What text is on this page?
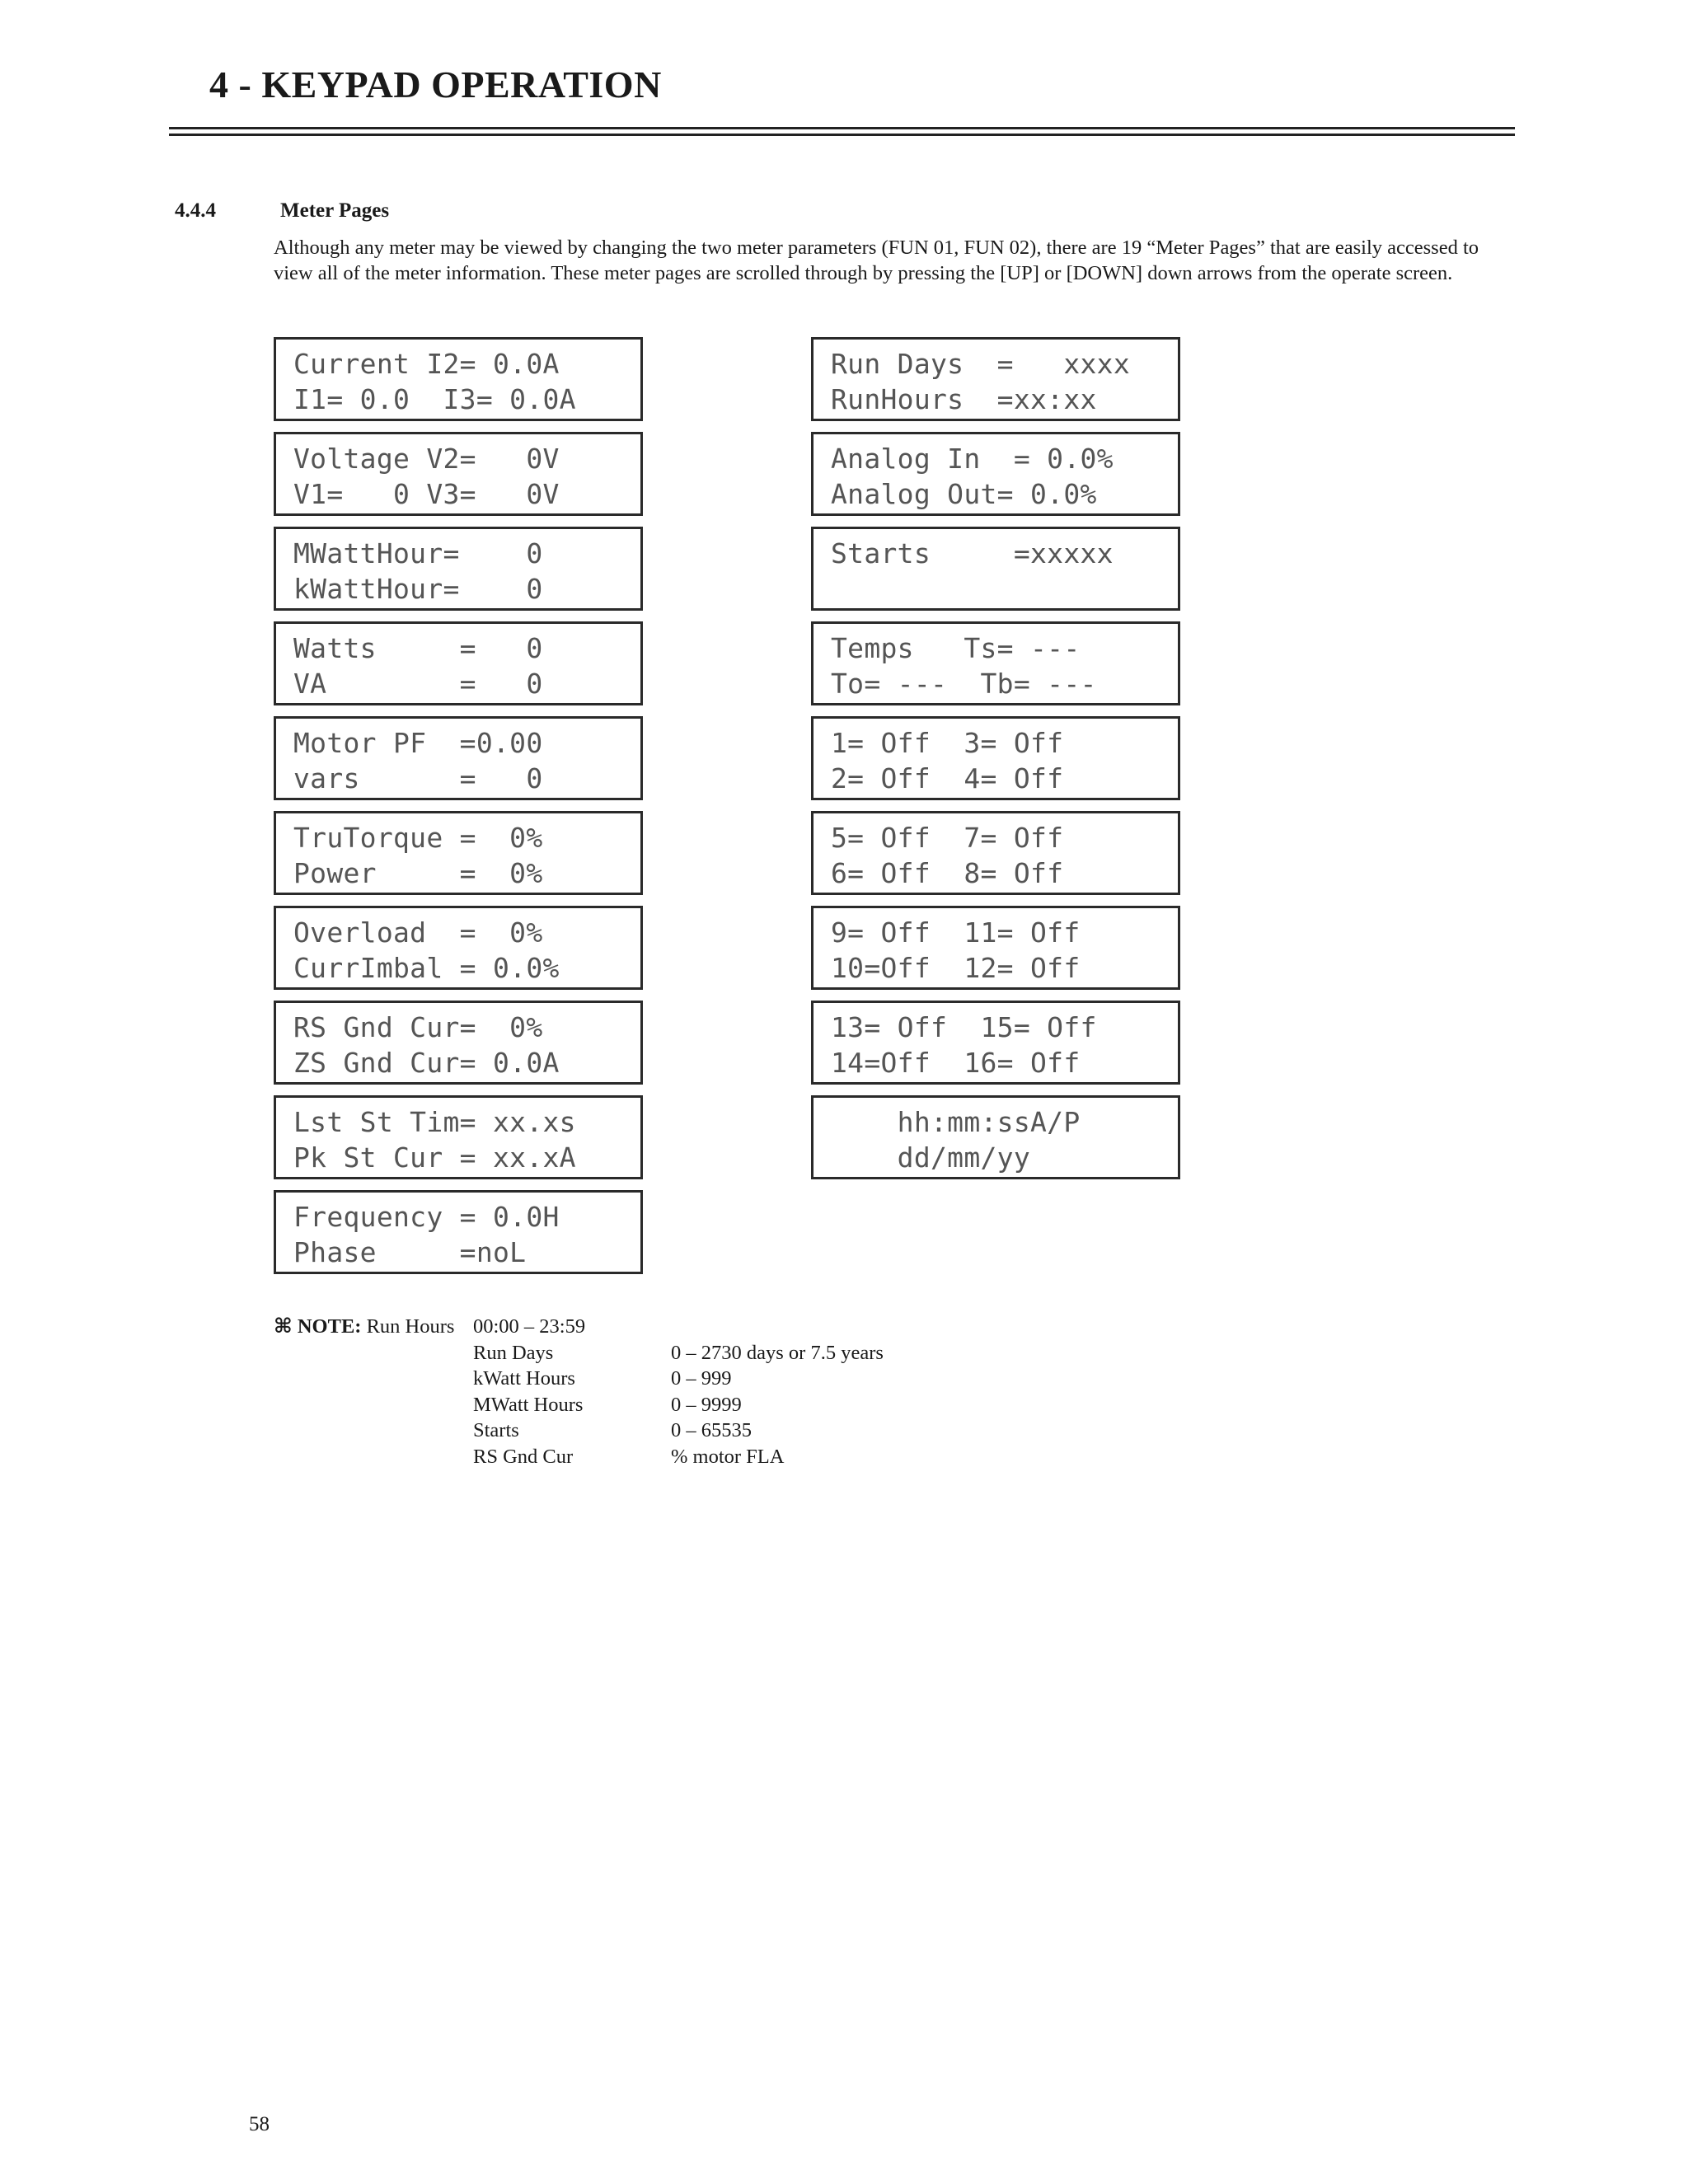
4 - KEYPAD OPERATION
4.4.4	Meter Pages

Although any meter may be viewed by changing the two meter parameters (FUN 01, FUN 02), there are 19 “Meter Pages” that are easily accessed to view all of the meter information. These meter pages are scrolled through by pressing the [UP] or [DOWN] down arrows from the operate screen.

Current I2= 0.0A
I1= 0.0  I3= 0.0A
Voltage V2=   0V
V1=   0 V3=   0V
MWattHour=    0
kWattHour=    0
Watts     =   0
VA        =   0
Motor PF  =0.00
vars      =   0
TruTorque =  0%
Power     =  0%
Overload  =  0%
CurrImbal = 0.0%
RS Gnd Cur=  0%
ZS Gnd Cur= 0.0A
Lst St Tim= xx.xs
Pk St Cur = xx.xA
Frequency = 0.0H
Phase     =noL
Run Days  =   xxxx
RunHours  =xx:xx
Analog In  = 0.0%
Analog Out= 0.0%
Starts     =xxxxx
Temps   Ts= ---
To= ---  Tb= ---
1= Off  3= Off
2= Off  4= Off
5= Off  7= Off
6= Off  8= Off
9= Off  11= Off
10=Off  12= Off
13= Off  15= Off
14=Off  16= Off
hh:mm:ssA/P
dd/mm/yy
⌘ NOTE: Run Hours 00:00 – 23:59
Run Days	0 – 2730 days or 7.5 years
kWatt Hours	0 – 999
MWatt Hours	0 – 9999
Starts	0 – 65535
RS Gnd Cur	% motor FLA
58
